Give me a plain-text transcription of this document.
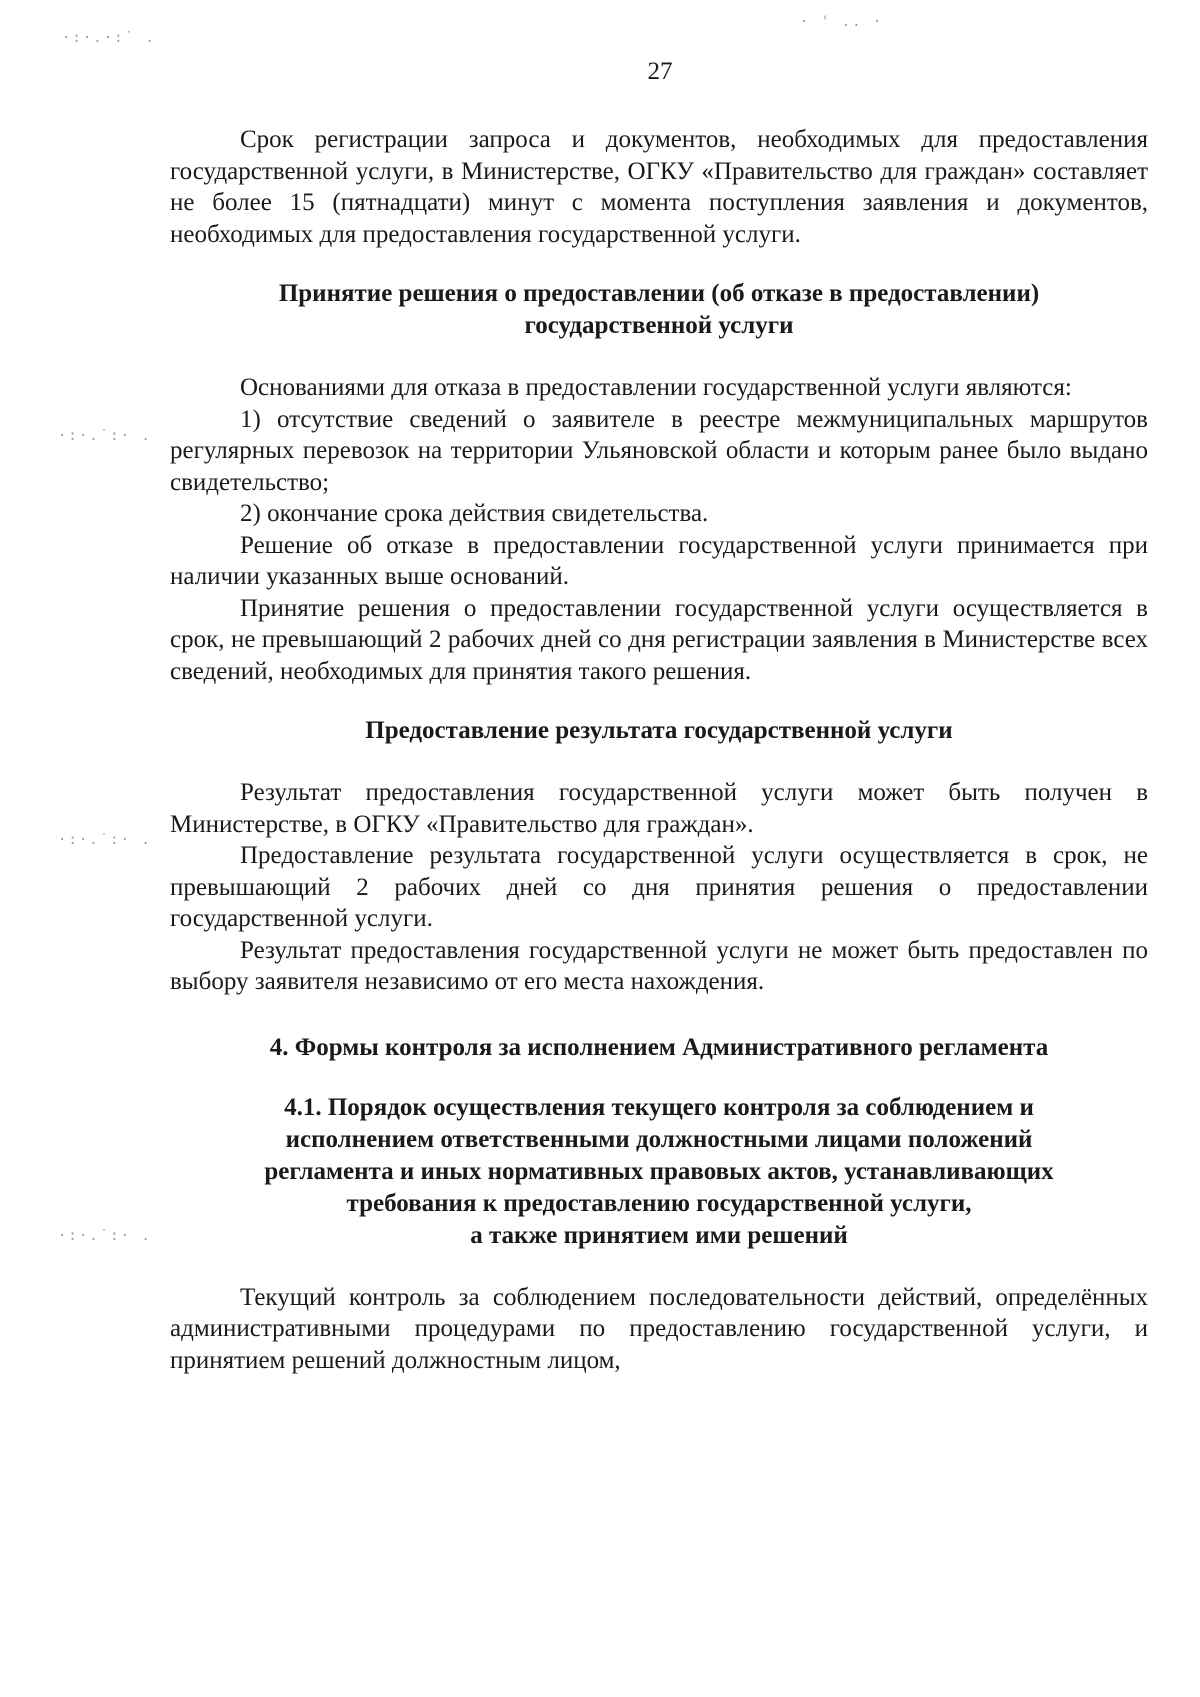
·:·.·:˙ .
·:·.˙:· .
·:·.˙:· .
·:·.˙:· .
· ' .. ·
27

Срок регистрации запроса и документов, необходимых для предоставления государственной услуги, в Министерстве, ОГКУ «Правительство для граждан» составляет не более 15 (пятнадцати) минут с момента поступления заявления и документов, необходимых для предоставления государственной услуги.

Принятие решения о предоставлении (об отказе в предоставлении) государственной услуги

Основаниями для отказа в предоставлении государственной услуги являются:

1) отсутствие сведений о заявителе в реестре межмуниципальных маршрутов регулярных перевозок на территории Ульяновской области и которым ранее было выдано свидетельство;

2) окончание срока действия свидетельства.

Решение об отказе в предоставлении государственной услуги принимается при наличии указанных выше оснований.

Принятие решения о предоставлении государственной услуги осуществляется в срок, не превышающий 2 рабочих дней со дня регистрации заявления в Министерстве всех сведений, необходимых для принятия такого решения.

Предоставление результата государственной услуги

Результат предоставления государственной услуги может быть получен в Министерстве, в ОГКУ «Правительство для граждан».

Предоставление результата государственной услуги осуществляется в срок, не превышающий 2 рабочих дней со дня принятия решения о предоставлении государственной услуги.

Результат предоставления государственной услуги не может быть предоставлен по выбору заявителя независимо от его места нахождения.

4. Формы контроля за исполнением Административного регламента

4.1. Порядок осуществления текущего контроля за соблюдением и

исполнением ответственными должностными лицами положений

регламента и иных нормативных правовых актов, устанавливающих

требования к предоставлению государственной услуги,

а также принятием ими решений

Текущий контроль за соблюдением последовательности действий, определённых административными процедурами по предоставлению государственной услуги, и принятием решений должностным лицом,
